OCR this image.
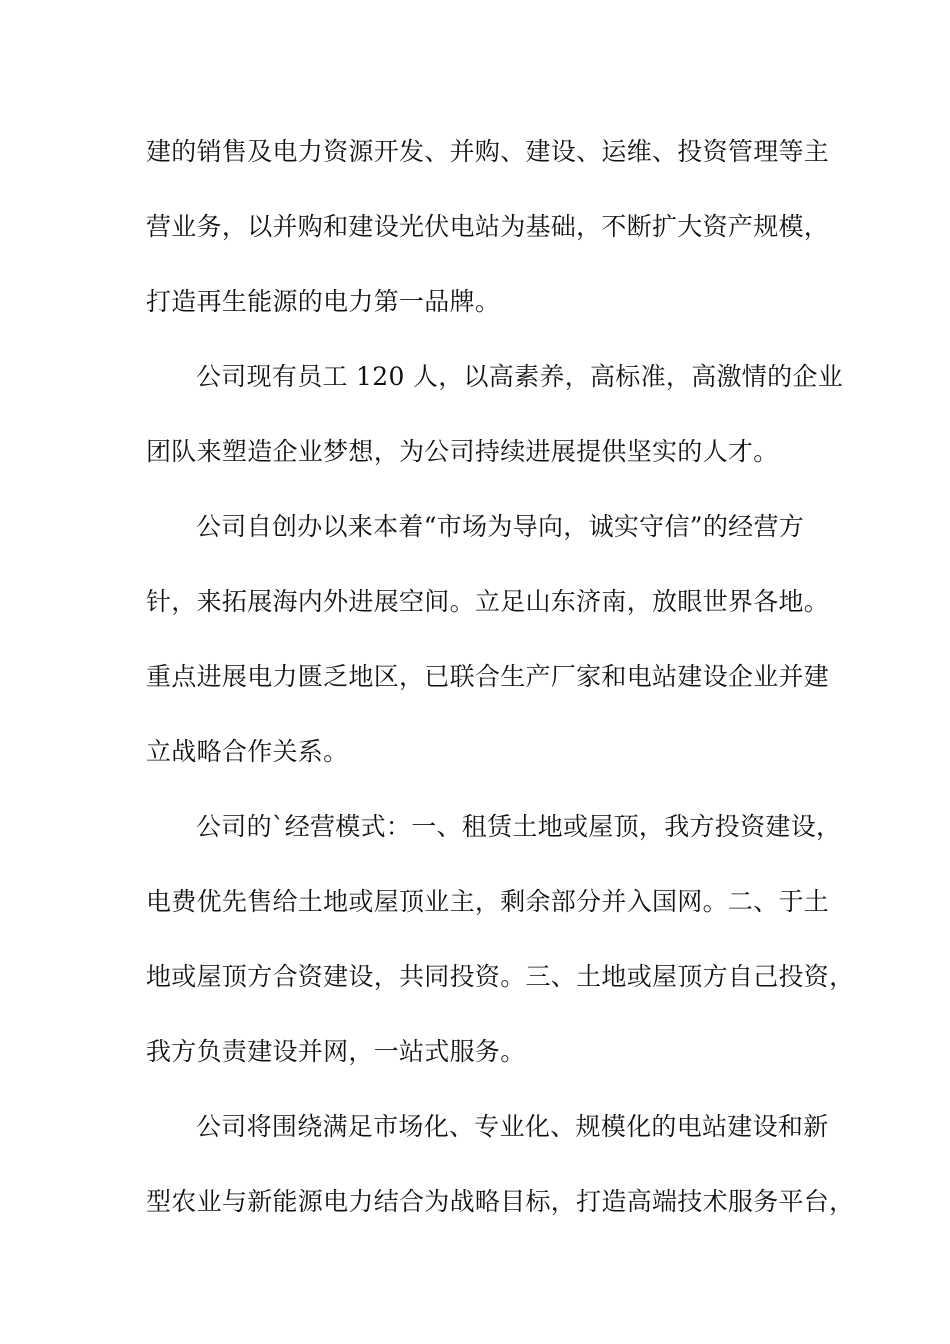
建的销售及电力资源开发、并购、建设、运维、投资管理等主
营业务，以并购和建设光伏电站为基础，不断扩大资产规模，
打造再生能源的电力第一品牌。
公司现有员工 120 人，以高素养，高标准，高激情的企业
团队来塑造企业梦想，为公司持续进展提供坚实的人才。
公司自创办以来本着“市场为导向，诚实守信”的经营方
针，来拓展海内外进展空间。立足山东济南，放眼世界各地。
重点进展电力匮乏地区，已联合生产厂家和电站建设企业并建
立战略合作关系。
公司的`经营模式：一、租赁土地或屋顶，我方投资建设，
电费优先售给土地或屋顶业主，剩余部分并入国网。二、于土
地或屋顶方合资建设，共同投资。三、土地或屋顶方自己投资，
我方负责建设并网，一站式服务。
公司将围绕满足市场化、专业化、规模化的电站建设和新
型农业与新能源电力结合为战略目标，打造高端技术服务平台，
